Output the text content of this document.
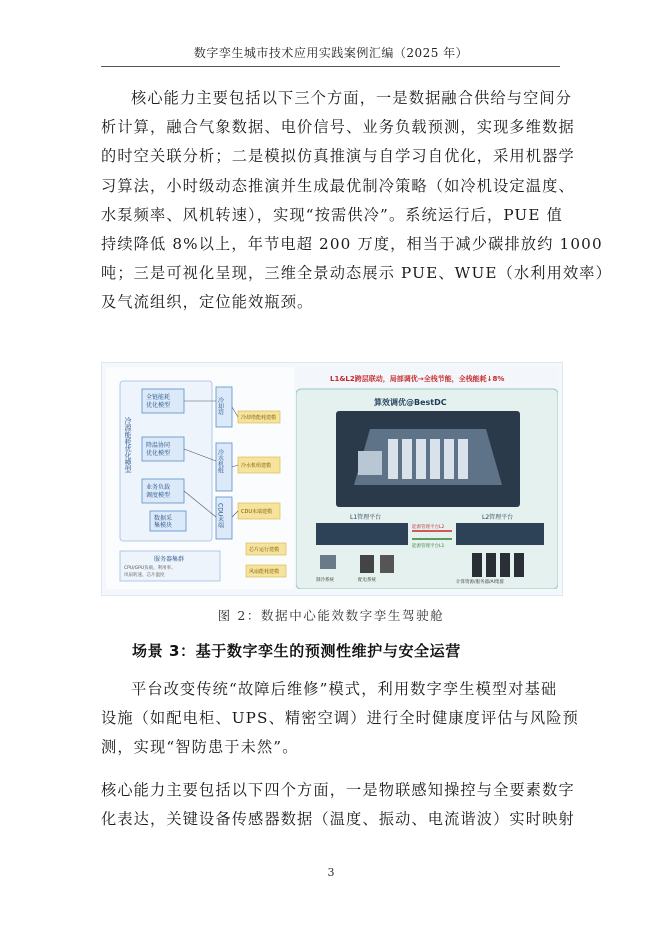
数字孪生城市技术应用实践案例汇编（2025 年）
核心能力主要包括以下三个方面，一是数据融合供给与空间分
析计算，融合气象数据、电价信号、业务负载预测，实现多维数据
的时空关联分析；二是模拟仿真推演与自学习自优化，采用机器学
习算法，小时级动态推演并生成最优制冷策略（如冷机设定温度、
水泵频率、风机转速），实现“按需供冷”。系统运行后，PUE 值
持续降低 8%以上，年节电超 200 万度，相当于减少碳排放约 1000
吨；三是可视化呈现，三维全景动态展示 PUE、WUE（水利用效率）
及气流组织，定位能效瓶颈。
冷源能耗优化模型
全链能耗
优化模型
降温协同
优化模型
业务负载
调度模型
数据采
集模块
冷却塔
冷水机组
CDU末端
冷却塔能耗建模
冷水机组建模
CDU末端建模
芯片运行建模
风扇能耗建模
服务器集群
CPU/GPU负载、利用率、
风扇转速、芯片温度
L1&L2跨层联动，局部调优→全栈节能，全栈能耗↓8%
算效调优@BestDC
L1管理平台	L2管理平台
能源管理平台L2
能源管理平台L1
制冷系统	配电系统	计算资源/服务器/AI集群
图 2：数据中心能效数字孪生驾驶舱
场景 3：基于数字孪生的预测性维护与安全运营
平台改变传统“故障后维修”模式，利用数字孪生模型对基础
设施（如配电柜、UPS、精密空调）进行全时健康度评估与风险预
测，实现“智防患于未然”。
核心能力主要包括以下四个方面，一是物联感知操控与全要素数字
化表达，关键设备传感器数据（温度、振动、电流谐波）实时映射
3
